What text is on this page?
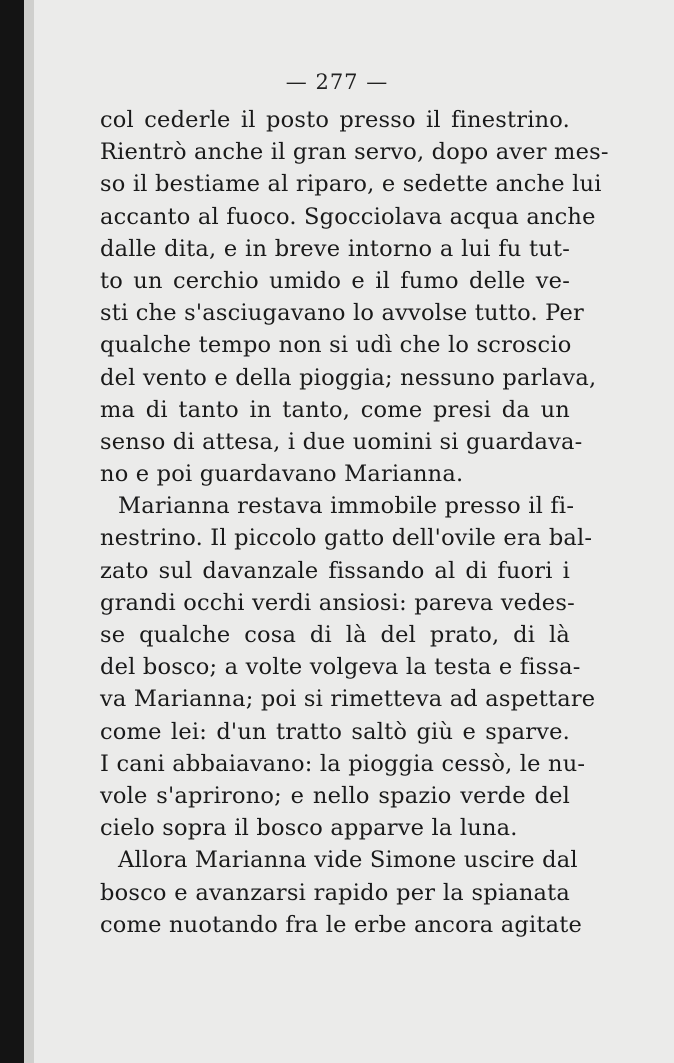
— 277 —
col cederle il posto presso il finestrino.
Rientrò anche il gran servo, dopo aver mes-
so il bestiame al riparo, e sedette anche lui
accanto al fuoco. Sgocciolava acqua anche
dalle dita, e in breve intorno a lui fu tut-
to un cerchio umido e il fumo delle ve-
sti che s'asciugavano lo avvolse tutto. Per
qualche tempo non si udì che lo scroscio
del vento e della pioggia; nessuno parlava,
ma di tanto in tanto, come presi da un
senso di attesa, i due uomini si guardava-
no e poi guardavano Marianna.
Marianna restava immobile presso il fi-
nestrino. Il piccolo gatto dell'ovile era bal-
zato sul davanzale fissando al di fuori i
grandi occhi verdi ansiosi: pareva vedes-
se qualche cosa di là del prato, di là
del bosco; a volte volgeva la testa e fissa-
va Marianna; poi si rimetteva ad aspettare
come lei: d'un tratto saltò giù e sparve.
I cani abbaiavano: la pioggia cessò, le nu-
vole s'aprirono; e nello spazio verde del
cielo sopra il bosco apparve la luna.
Allora Marianna vide Simone uscire dal
bosco e avanzarsi rapido per la spianata
come nuotando fra le erbe ancora agitate
